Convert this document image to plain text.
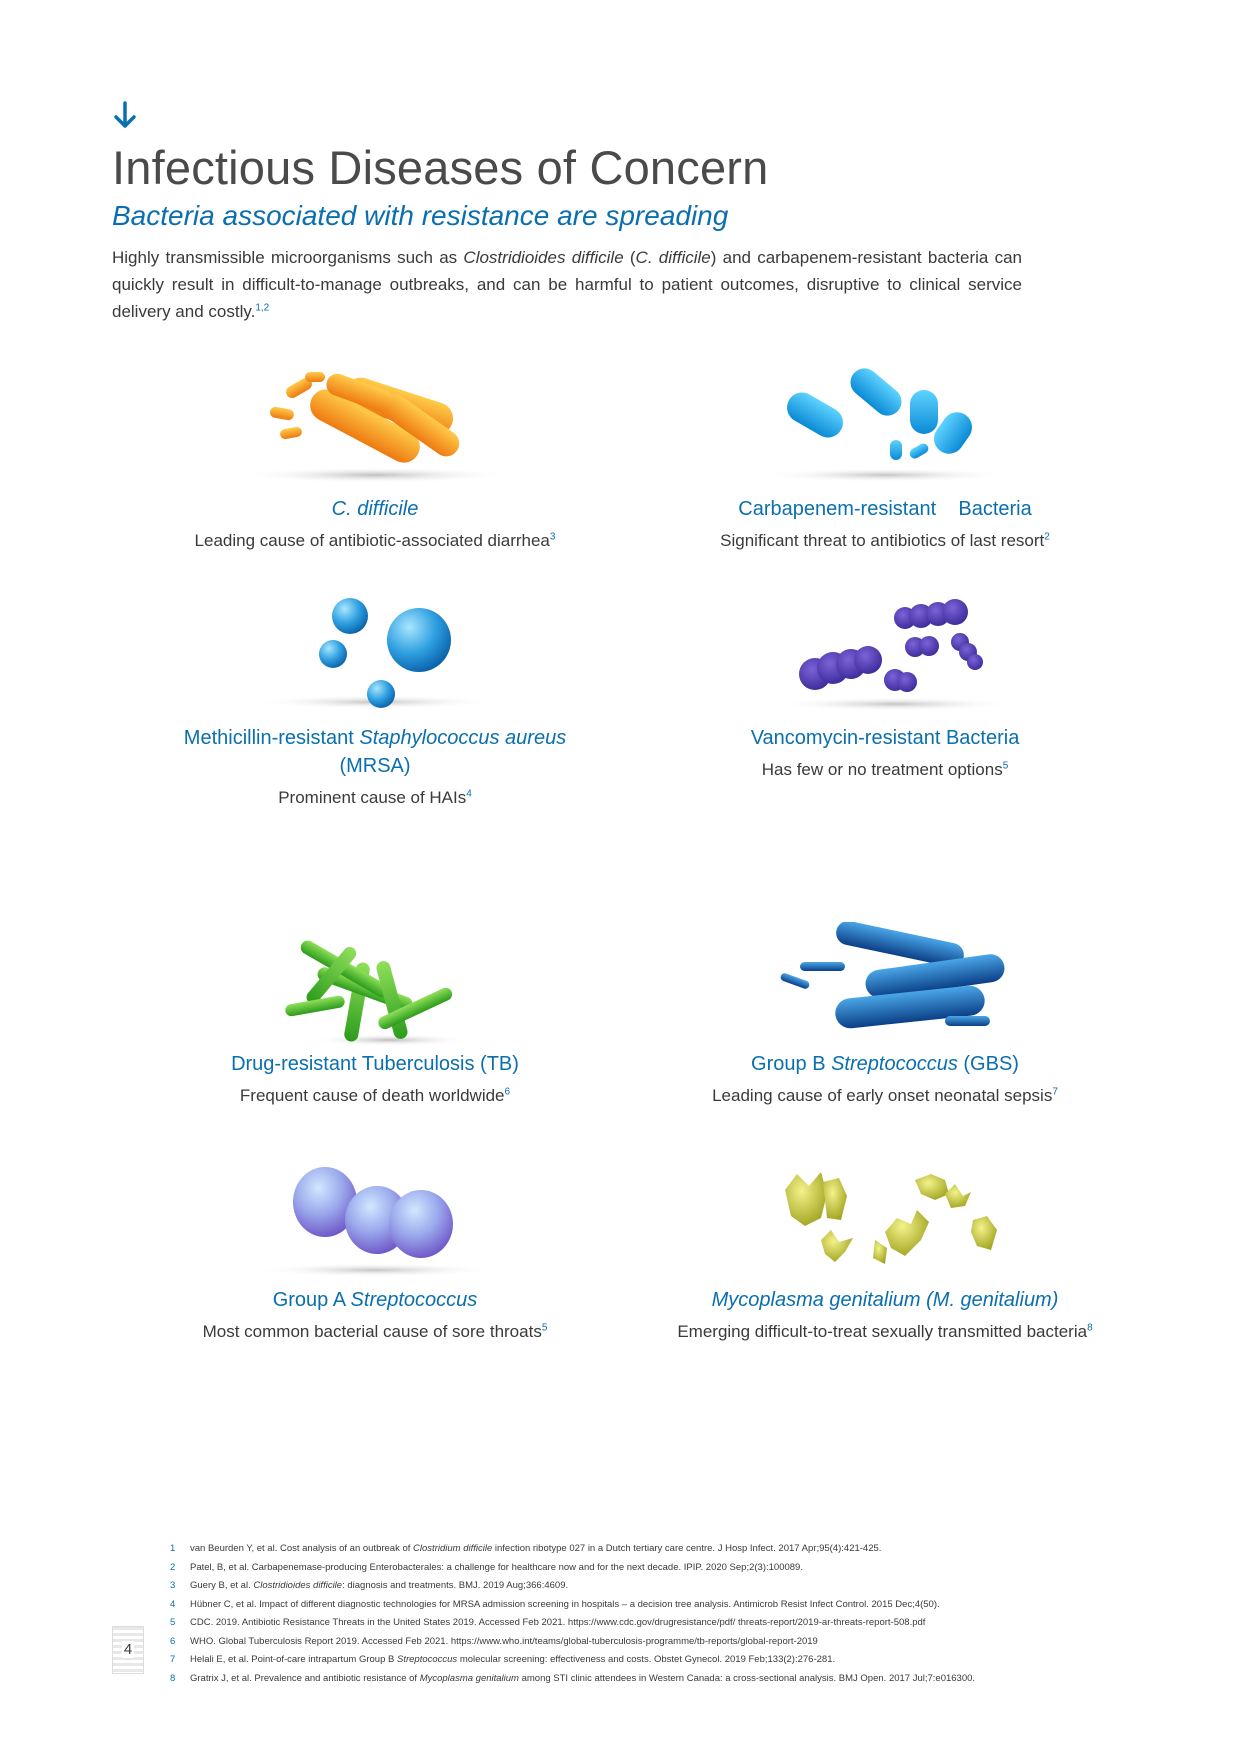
Infectious Diseases of Concern
Bacteria associated with resistance are spreading

Highly transmissible microorganisms such as Clostridioides difficile (C. difficile) and carbapenem-resistant bacteria can quickly result in difficult-to-manage outbreaks, and can be harmful to patient outcomes, disruptive to clinical service delivery and costly.$^{1,2}$

C. difficile

Leading cause of antibiotic-associated diarrhea$^3$

Carbapenem-resistant    Bacteria

Significant threat to antibiotics of last resort$^2$

Methicillin-resistant Staphylococcus aureus
(MRSA)

Prominent cause of HAIs$^4$

Vancomycin-resistant Bacteria

Has few or no treatment options$^5$

Drug-resistant Tuberculosis (TB)

Frequent cause of death worldwide$^6$

Group B Streptococcus (GBS)

Leading cause of early onset neonatal sepsis$^7$

Group A Streptococcus

Most common bacterial cause of sore throats$^5$

Mycoplasma genitalium (M. genitalium)

Emerging difficult-to-treat sexually transmitted bacteria$^8$

1 van Beurden Y, et al. Cost analysis of an outbreak of Clostridium difficile infection ribotype 027 in a Dutch tertiary care centre. J Hosp Infect. 2017 Apr;95(4):421-425.
2 Patel, B, et al. Carbapenemase-producing Enterobacterales: a challenge for healthcare now and for the next decade. IPIP. 2020 Sep;2(3):100089.
3 Guery B, et al. Clostridioides difficile: diagnosis and treatments. BMJ. 2019 Aug;366:4609.
4 Hübner C, et al. Impact of different diagnostic technologies for MRSA admission screening in hospitals – a decision tree analysis. Antimicrob Resist Infect Control. 2015 Dec;4(50).
5 CDC. 2019. Antibiotic Resistance Threats in the United States 2019. Accessed Feb 2021. https://www.cdc.gov/drugresistance/pdf/ threats-report/2019-ar-threats-report-508.pdf
6 WHO. Global Tuberculosis Report 2019. Accessed Feb 2021. https://www.who.int/teams/global-tuberculosis-programme/tb-reports/global-report-2019
7 Helali E, et al. Point-of-care intrapartum Group B Streptococcus molecular screening: effectiveness and costs. Obstet Gynecol. 2019 Feb;133(2):276-281.
8 Gratrix J, et al. Prevalence and antibiotic resistance of Mycoplasma genitalium among STI clinic attendees in Western Canada: a cross-sectional analysis. BMJ Open. 2017 Jul;7:e016300.
4
